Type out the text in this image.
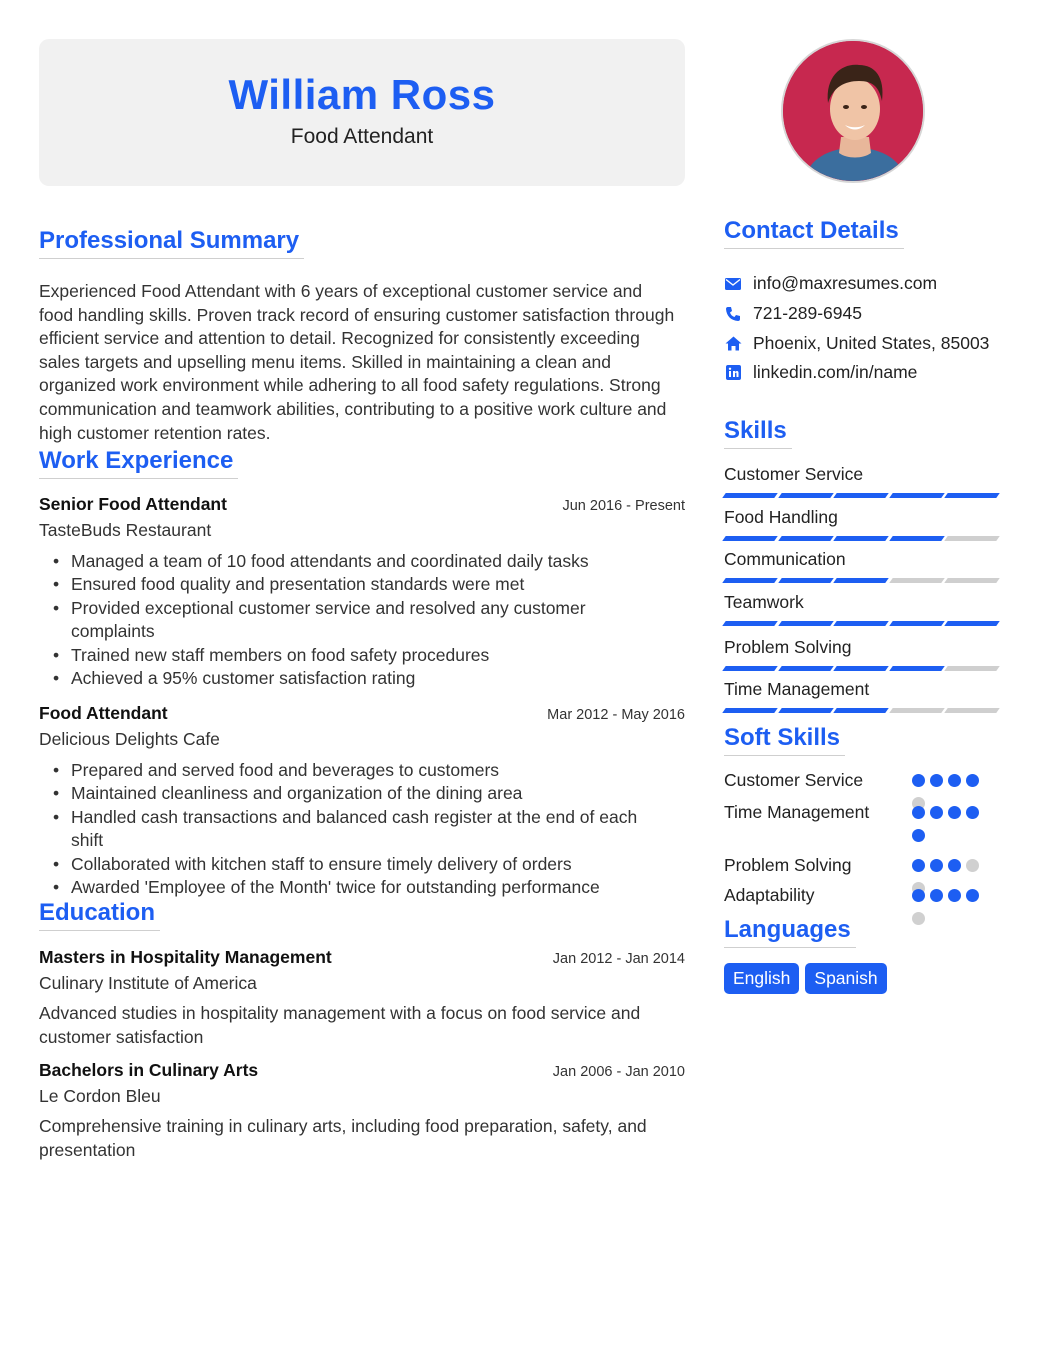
William Ross
Food Attendant
Professional Summary

Experienced Food Attendant with 6 years of exceptional customer service and food handling skills. Proven track record of ensuring customer satisfaction through efficient service and attention to detail. Recognized for consistently exceeding sales targets and upselling menu items. Skilled in maintaining a clean and organized work environment while adhering to all food safety regulations. Strong communication and teamwork abilities, contributing to a positive work culture and high customer retention rates.

Work Experience
Senior Food Attendant	Jun 2016 - Present
TasteBuds Restaurant
• Managed a team of 10 food attendants and coordinated daily tasks
• Ensured food quality and presentation standards were met
• Provided exceptional customer service and resolved any customer complaints
• Trained new staff members on food safety procedures
• Achieved a 95% customer satisfaction rating
Food Attendant	Mar 2012 - May 2016
Delicious Delights Cafe
• Prepared and served food and beverages to customers
• Maintained cleanliness and organization of the dining area
• Handled cash transactions and balanced cash register at the end of each shift
• Collaborated with kitchen staff to ensure timely delivery of orders
• Awarded 'Employee of the Month' twice for outstanding performance
Education
Masters in Hospitality Management	Jan 2012 - Jan 2014
Culinary Institute of America

Advanced studies in hospitality management with a focus on food service and customer satisfaction

Bachelors in Culinary Arts	Jan 2006 - Jan 2010
Le Cordon Bleu

Comprehensive training in culinary arts, including food preparation, safety, and presentation

Contact Details
info@maxresumes.com
721-289-6945
Phoenix, United States, 85003
linkedin.com/in/name
Skills
Customer Service
Food Handling
Communication
Teamwork
Problem Solving
Time Management
Soft Skills
Customer Service
Time Management
Problem Solving
Adaptability
Languages
English	Spanish
